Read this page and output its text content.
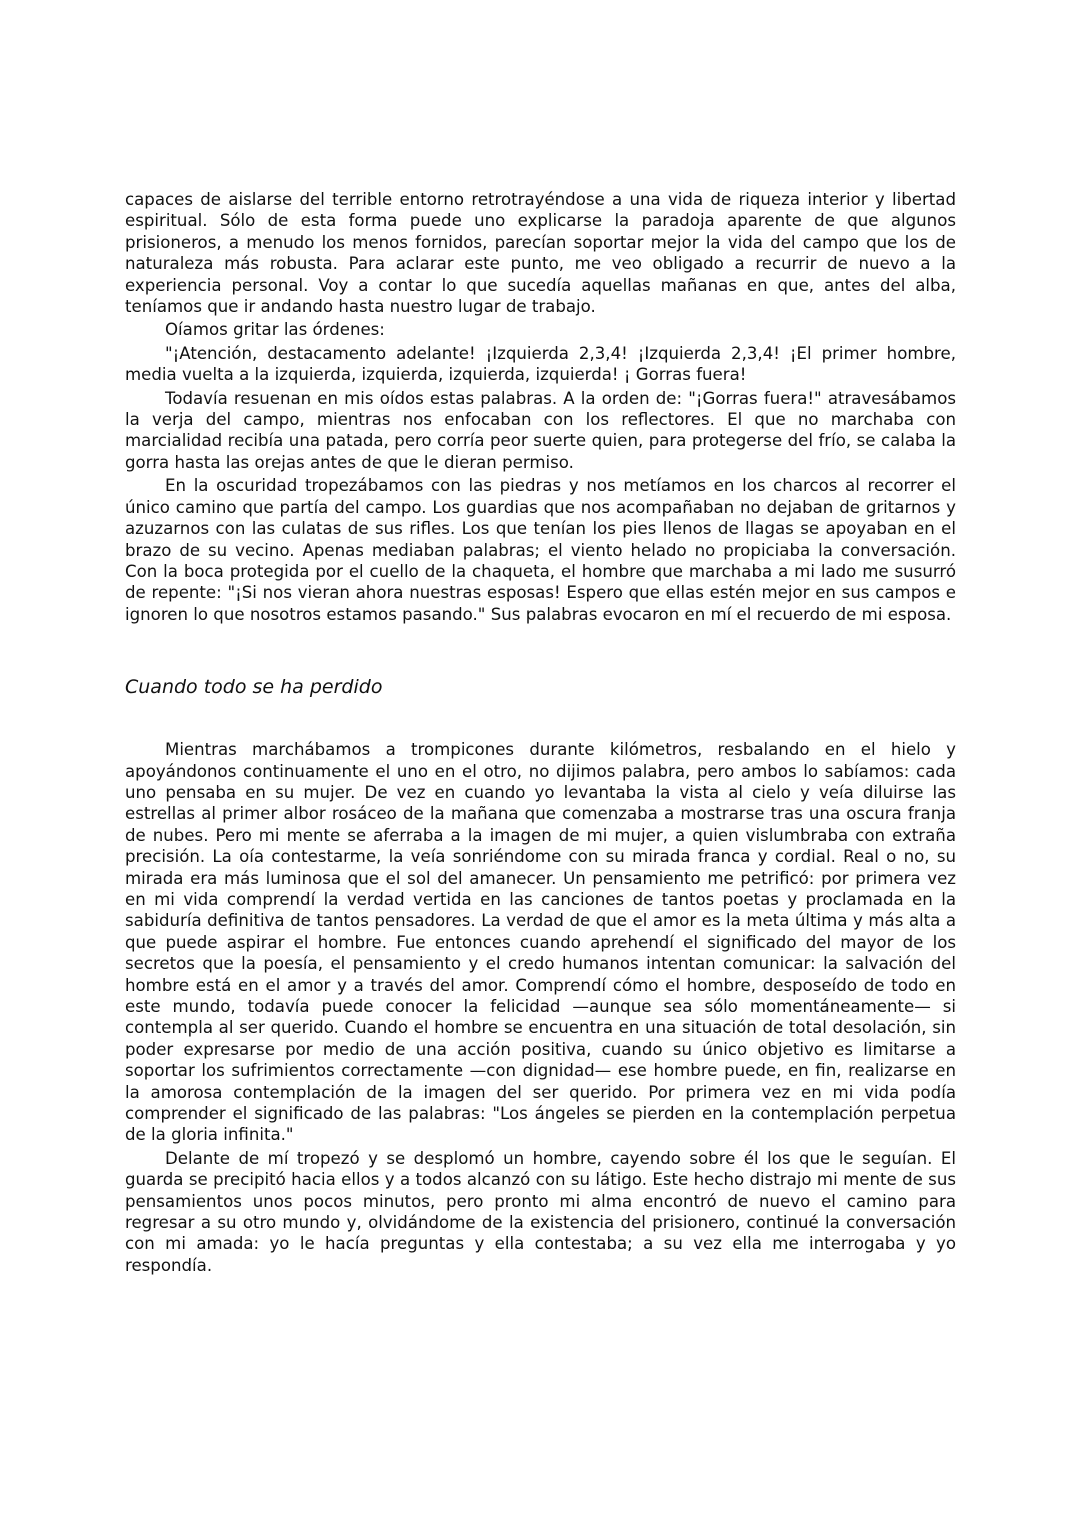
capaces de aislarse del terrible entorno retrotrayéndose a una vida de riqueza interior y libertad espiritual. Sólo de esta forma puede uno explicarse la paradoja aparente de que algunos prisioneros, a menudo los menos fornidos, parecían soportar mejor la vida del campo que los de naturaleza más robusta. Para aclarar este punto, me veo obligado a recurrir de nuevo a la experiencia personal. Voy a contar lo que sucedía aquellas mañanas en que, antes del alba, teníamos que ir andando hasta nuestro lugar de trabajo.

Oíamos gritar las órdenes:

"¡Atención, destacamento adelante! ¡Izquierda 2,3,4! ¡Izquierda 2,3,4! ¡El primer hombre, media vuelta a la izquierda, izquierda, izquierda, izquierda! ¡ Gorras fuera!

Todavía resuenan en mis oídos estas palabras. A la orden de: "¡Gorras fuera!" atravesábamos la verja del campo, mientras nos enfocaban con los reflectores. El que no marchaba con marcialidad recibía una patada, pero corría peor suerte quien, para protegerse del frío, se calaba la gorra hasta las orejas antes de que le dieran permiso.

En la oscuridad tropezábamos con las piedras y nos metíamos en los charcos al recorrer el único camino que partía del campo. Los guardias que nos acompañaban no dejaban de gritarnos y azuzarnos con las culatas de sus rifles. Los que tenían los pies llenos de llagas se apoyaban en el brazo de su vecino. Apenas mediaban palabras; el viento helado no propiciaba la conversación. Con la boca protegida por el cuello de la chaqueta, el hombre que marchaba a mi lado me susurró de repente: "¡Si nos vieran ahora nuestras esposas! Espero que ellas estén mejor en sus campos e ignoren lo que nosotros estamos pasando." Sus palabras evocaron en mí el recuerdo de mi esposa.

Cuando todo se ha perdido

Mientras marchábamos a trompicones durante kilómetros, resbalando en el hielo y apoyándonos continuamente el uno en el otro, no dijimos palabra, pero ambos lo sabíamos: cada uno pensaba en su mujer. De vez en cuando yo levantaba la vista al cielo y veía diluirse las estrellas al primer albor rosáceo de la mañana que comenzaba a mostrarse tras una oscura franja de nubes. Pero mi mente se aferraba a la imagen de mi mujer, a quien vislumbraba con extraña precisión. La oía contestarme, la veía sonriéndome con su mirada franca y cordial. Real o no, su mirada era más luminosa que el sol del amanecer. Un pensamiento me petrificó: por primera vez en mi vida comprendí la verdad vertida en las canciones de tantos poetas y proclamada en la sabiduría definitiva de tantos pensadores. La verdad de que el amor es la meta última y más alta a que puede aspirar el hombre. Fue entonces cuando aprehendí el significado del mayor de los secretos que la poesía, el pensamiento y el credo humanos intentan comunicar: la salvación del hombre está en el amor y a través del amor. Comprendí cómo el hombre, desposeído de todo en este mundo, todavía puede conocer la felicidad —aunque sea sólo momentáneamente— si contempla al ser querido. Cuando el hombre se encuentra en una situación de total desolación, sin poder expresarse por medio de una acción positiva, cuando su único objetivo es limitarse a soportar los sufrimientos correctamente —con dignidad— ese hombre puede, en fin, realizarse en la amorosa contemplación de la imagen del ser querido. Por primera vez en mi vida podía comprender el significado de las palabras: "Los ángeles se pierden en la contemplación perpetua de la gloria infinita."

Delante de mí tropezó y se desplomó un hombre, cayendo sobre él los que le seguían. El guarda se precipitó hacia ellos y a todos alcanzó con su látigo. Este hecho distrajo mi mente de sus pensamientos unos pocos minutos, pero pronto mi alma encontró de nuevo el camino para regresar a su otro mundo y, olvidándome de la existencia del prisionero, continué la conversación con mi amada: yo le hacía preguntas y ella contestaba; a su vez ella me interrogaba y yo respondía.
